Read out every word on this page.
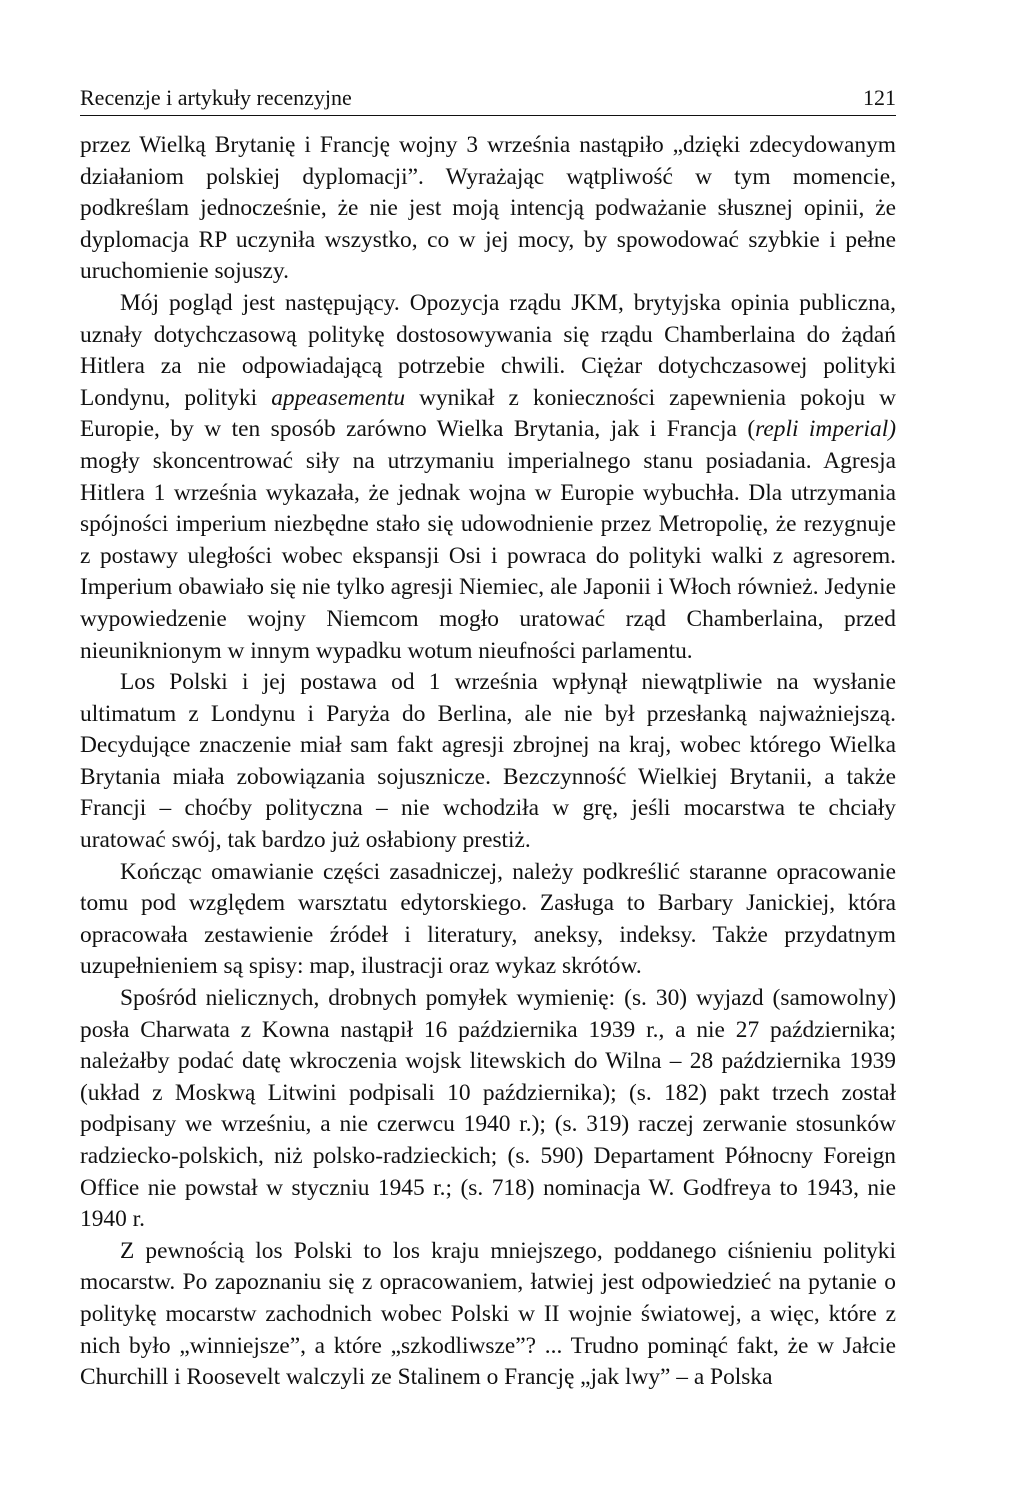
Recenzje i artykuły recenzyjne	121

przez Wielką Brytanię i Francję wojny 3 września nastąpiło „dzięki zdecydowanym działaniom polskiej dyplomacji”. Wyrażając wątpliwość w tym momencie, podkreślam jednocześnie, że nie jest moją intencją podważanie słusznej opinii, że dyplomacja RP uczyniła wszystko, co w jej mocy, by spowodować szybkie i pełne uruchomienie sojuszy.

Mój pogląd jest następujący. Opozycja rządu JKM, brytyjska opinia publiczna, uznały dotychczasową politykę dostosowywania się rządu Chamberlaina do żądań Hitlera za nie odpowiadającą potrzebie chwili. Ciężar dotychczasowej polityki Londynu, polityki appeasementu wynikał z konieczności zapewnienia pokoju w Europie, by w ten sposób zarówno Wielka Brytania, jak i Francja (repli imperial) mogły skoncentrować siły na utrzymaniu imperialnego stanu posiadania. Agresja Hitlera 1 września wykazała, że jednak wojna w Europie wybuchła. Dla utrzymania spójności imperium niezbędne stało się udowodnienie przez Metropolię, że rezygnuje z postawy uległości wobec ekspansji Osi i powraca do polityki walki z agresorem. Imperium obawiało się nie tylko agresji Niemiec, ale Japonii i Włoch również. Jedynie wypowiedzenie wojny Niemcom mogło uratować rząd Chamberlaina, przed nieuniknionym w innym wypadku wotum nieufności parlamentu.

Los Polski i jej postawa od 1 września wpłynął niewątpliwie na wysłanie ultimatum z Londynu i Paryża do Berlina, ale nie był przesłanką najważniejszą. Decydujące znaczenie miał sam fakt agresji zbrojnej na kraj, wobec którego Wielka Brytania miała zobowiązania sojusznicze. Bezczynność Wielkiej Brytanii, a także Francji – choćby polityczna – nie wchodziła w grę, jeśli mocarstwa te chciały uratować swój, tak bardzo już osłabiony prestiż.

Kończąc omawianie części zasadniczej, należy podkreślić staranne opracowanie tomu pod względem warsztatu edytorskiego. Zasługa to Barbary Janickiej, która opracowała zestawienie źródeł i literatury, aneksy, indeksy. Także przydatnym uzupełnieniem są spisy: map, ilustracji oraz wykaz skrótów.

Spośród nielicznych, drobnych pomyłek wymienię: (s. 30) wyjazd (samowolny) posła Charwata z Kowna nastąpił 16 października 1939 r., a nie 27 października; należałby podać datę wkroczenia wojsk litewskich do Wilna – 28 października 1939 (układ z Moskwą Litwini podpisali 10 października); (s. 182) pakt trzech został podpisany we wrześniu, a nie czerwcu 1940 r.); (s. 319) raczej zerwanie stosunków radziecko-polskich, niż polsko-radzieckich; (s. 590) Departament Północny Foreign Office nie powstał w styczniu 1945 r.; (s. 718) nominacja W. Godfreya to 1943, nie 1940 r.

Z pewnością los Polski to los kraju mniejszego, poddanego ciśnieniu polityki mocarstw. Po zapoznaniu się z opracowaniem, łatwiej jest odpowiedzieć na pytanie o politykę mocarstw zachodnich wobec Polski w II wojnie światowej, a więc, które z nich było „winniejsze”, a które „szkodliwsze”? ... Trudno pominąć fakt, że w Jałcie Churchill i Roosevelt walczyli ze Stalinem o Francję „jak lwy” – a Polska
